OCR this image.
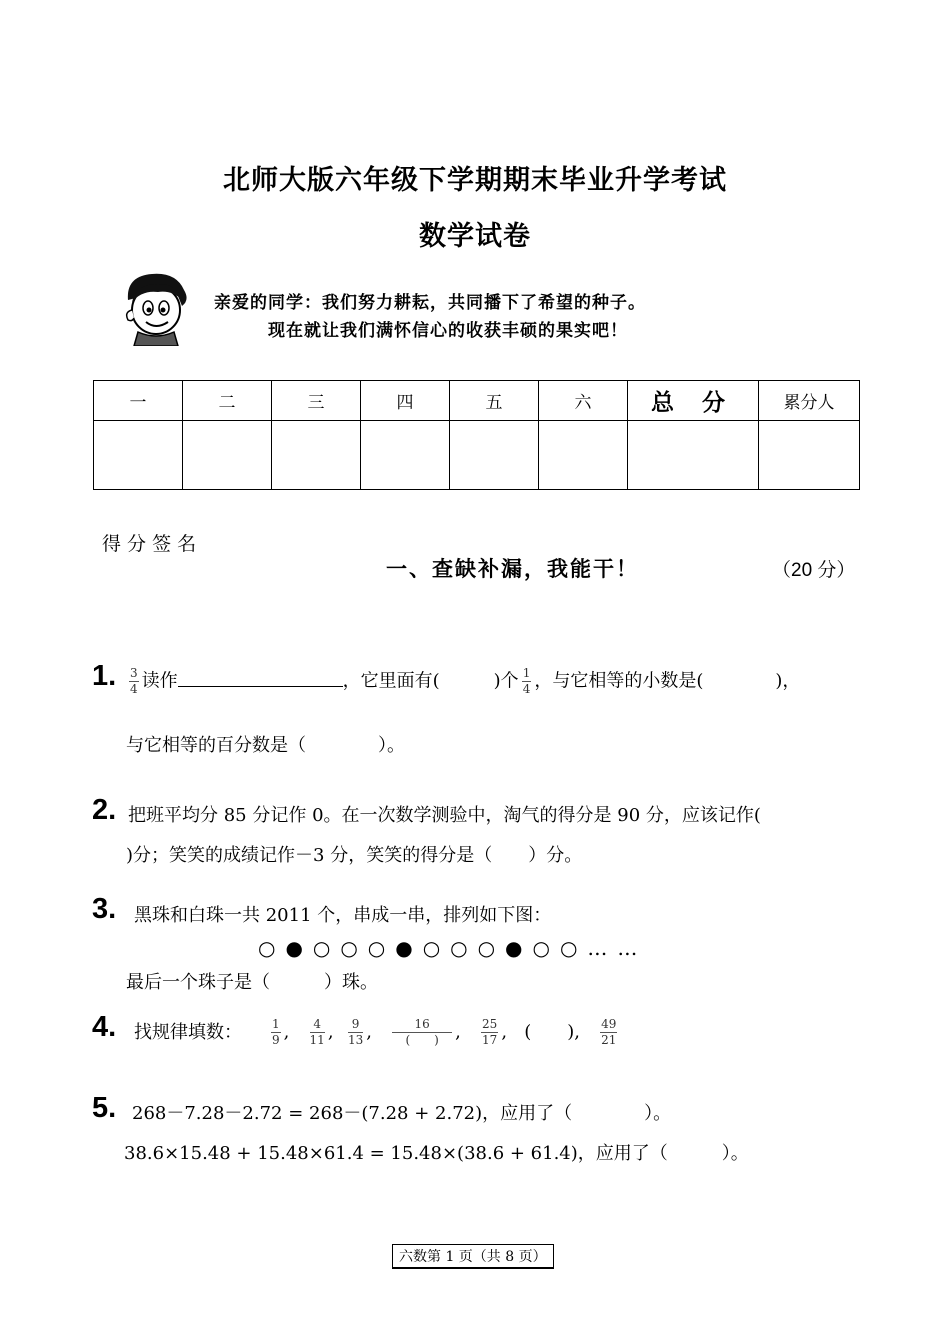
北师大版六年级下学期期末毕业升学考试
数学试卷
亲爱的同学：我们努力耕耘，共同播下了希望的种子。
现在就让我们满怀信心的收获丰硕的果实吧！
一	二	三	四	五	六	总 分	累分人

得 分 签 名
一、查缺补漏，我能干！	（20 分）
1. $\frac{3}{4}$ 读作	，它里面有(　　　)个 $\frac{1}{4}$ ，与它相等的小数是(　　　　)，
与它相等的百分数是（　　　　）。
2. 把班平均分 85 分记作 0。在一次数学测验中，淘气的得分是 90 分，应该记作(
)分；笑笑的成绩记作－3 分，笑笑的得分是（　　）分。
3. 黑珠和白珠一共 2011 个，串成一串，排列如下图：
○●○○○●○○○●○○……
最后一个珠子是（　　　）珠。
4. 找规律填数： $\frac{1}{9}$ , $\frac{4}{11}$ , $\frac{9}{13}$ , $\frac{16}{( )}$ , $\frac{25}{17}$ ,   (　　), $\frac{49}{21}$
5. 268－7.28－2.72 = 268－(7.28 + 2.72)，应用了（　　　　）。
38.6×15.48 + 15.48×61.4 = 15.48×(38.6 + 61.4)，应用了（　　　）。
六数第 1 页（共 8 页）
